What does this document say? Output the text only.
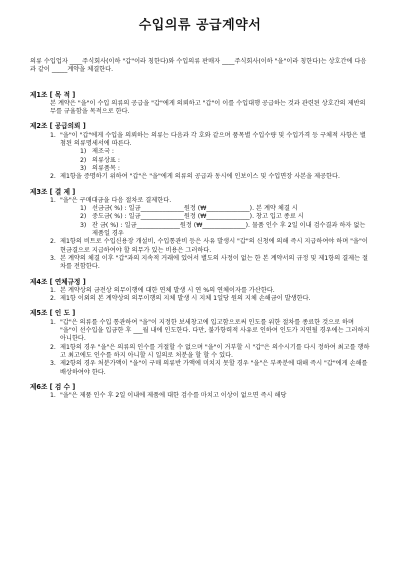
수입의류 공급계약서
의류 수입업자 ____주식회사(이하 "갑"이라 칭한다)와 수입의류 판매자 ____주식회사(이하 "을"이라 칭한다)는 상호간에 다음과 같이 _____계약을 체결한다.
제1조 [ 목 적 ]
본 계약은 "을"이 수입 의류의 공급을 "갑"에게 의뢰하고 "갑"이 이를 수입대행 공급하는 것과 관련된 상호간의 제반의무를 규율함을 목적으로 한다.
제2조 [ 공급의뢰 ]
1. "을"이 "갑"에게 수입을 의뢰하는 의류는 다음과 각 호와 같으며 품목별 수입수량 및 수입가격 등 구체적 사항은 별첨된 의류명세서에 따른다.
1) 제조국 :
2) 의류상표 :
3) 의류품목 :
2. 제1항을 증명하기 위하여 "갑"은 "을"에게 의류의 공급과 동시에 인보이스 및 수입면장 사본을 제공한다.
제3조 [ 결 제 ]
1. "을"은 구매대금을 다음 절차로 결제한다.
1) 선금금( %) : 일금______________원정 (₩______________). 본 계약 체결 시
2) 중도금( %) : 일금______________원정 (₩______________). 창고 입고 종료 시
3) 잔 금( %) : 일금______________원정 (₩______________). 물품 인수 후 2일 이내 검수결과 하자 없는 제품일 경우
2. 제1항의 비트로 수입신용장 개설비, 수입통관비 등은 사유 발생시 "갑"의 신청에 의해 즉시 지급하여야 하며 "을"이 현금결으로 지급하여야 할 의무가 있는 비용은 그러하다.
3. 본 계약의 체결 이후 "갑"과의 지속적 거래에 있어서 별도의 사정이 없는 한 본 계약서의 규정 및 제1항의 결제는 절차를 전함한다.
제4조 [ 연체규정 ]
1. 본 계약상의 금전상 의무이행에 대한 연체 발생 시 연 %의 연체이자를 가산한다.
2. 제1항 이외의 본 계약상의 의무이행의 지체 발생 시 지체 1일당 원의 지체 손해금이 발생한다.
제5조 [ 인 도 ]
1. "갑"은 의류를 수입 통관하여 "을"이 지정한 보세창고에 입고함으로써 인도를 위한 절차를 종료한 것으로 하며 "을"이 선수입을 입금한 후 ___월 내에 인도한다. 다만, 불가항력적 사유로 인하여 인도가 지연될 경우에는 그러하지 아니한다.
2. 제1항의 경우 "을"은 의류의 인수를 거절할 수 없으며 "을"이 거부할 시 "갑"은 의수시기를 다시 정하여 최고를 행하고 최고에도 인수를 하지 아니할 시 일의로 처분을 할 할 수 있다.
3. 제2항의 경우 처분가액이 "을"이 구매 의류반 가액에 미치지 못할 경우 "을"은 부족분에 대해 즉시 "갑"에게 손해를 배상하여야 한다.
제6조 [ 검 수 ]
1. "을"은 제품 인수 후 2일 이내에 제품에 대한 검수를 마치고 이상이 없으면 즉시 해당
